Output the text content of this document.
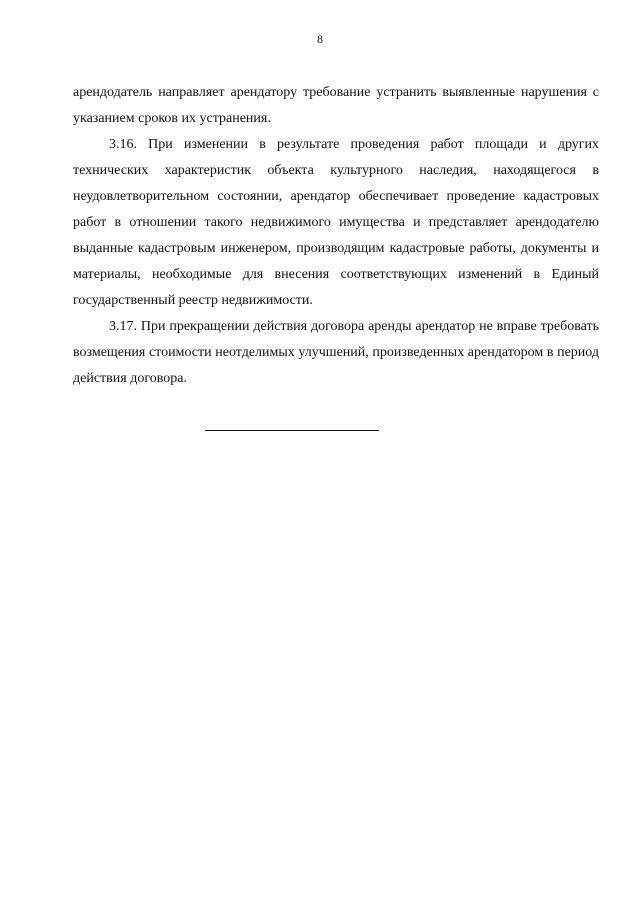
8

арендодатель направляет арендатору требование устранить выявленные нарушения с указанием сроков их устранения.

3.16. При изменении в результате проведения работ площади и других технических характеристик объекта культурного наследия, находящегося в неудовлетворительном состоянии, арендатор обеспечивает проведение кадастровых работ в отношении такого недвижимого имущества и представляет арендодателю выданные кадастровым инженером, производящим кадастровые работы, документы и материалы, необходимые для внесения соответствующих изменений в Единый государственный реестр недвижимости.

3.17. При прекращении действия договора аренды арендатор не вправе требовать возмещения стоимости неотделимых улучшений, произведенных арендатором в период действия договора.
